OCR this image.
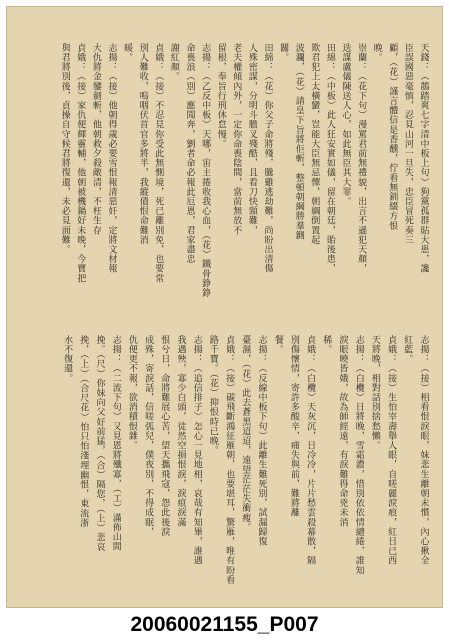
天錢：（鵲踏爽七字清中板上句）狗黨孤群貼大患，讒
臣誤國惡毫慎，忍見山河一旦失，忠臣冒死奏三
顧，（花）謹言體信是香醺，佇看無釧綴方恨
晚。
崇蘭：（花下句）漫罵君前無禮貌，出言不遜犯天顏，
迭謀盧儀陳送人心，如此無臣其大罪。
田綿：（中板）此人狂安實如儀，留在朝廷，貽後患，
欺君犯上太橫蠻，豈能大臣無忌憚，朝綱倒置起
波瀾，（花）請皇下旨將佢斬，整頓朝綱勝羣鍘
關。
田綿：（花）你父子命將殘，騰雞逃劫難，尚盼出清傷
人殊密謀，分明斗膽叉殘酷，且看刀快頸難，
老夫權傾內外，一定你命喪陰間，當前無放不
留根，奉旨行刑休怠慢。
志揚：（乙反中板）天哪，宙主捲收我心血，（花）鐵骨錚錚
命喪浪（別）應聞奔，劉者命必報此厄恩，君家盡忠
謝紅顏。
貞娥：（接）不忍見你受此無惻境，死已離別免，也要常
別人難收，嗚咽伏首官多將半，我縱債恨命難消
暖。
志揚：（接）他朝得歲必要雪恨報清惡奸，定將文材報
大仇將金鑾劍斬，他朝救夕殺敵清，不枉生存
貞娥：（接）家仇便輝靈輔，他朝被機鍋好未晚，今寶把
與君將別後，貞操自守候君將復還，未必見面難。
志揚：（接）相看恨淚眼，妹悲生離朝未慣，內心揪全
紅藍。
貞娥：（接）生怕宰壽舉人眼，自嗟麗淚痕，紅日已西
天將晚，相對話別捨愁懶。
志揚：（白欖）日將晚，雪霜濃，惜別依依情繾綣，誰知
淚眼曉皆娥，故為師經遠，有淚難得命兇未消
稀。
貞娥：（白欖）天灰沉，日冷冷，片片愁雲殺幕散，隔
別傷懷情，寄許多酸辛，痛失與前，難將離
餐。
志揚：（反線中板下句）此離生難死別，試漏歸復
臺濕，（花）此去蒼黑迢迢，遠望茫茫失衝瘦。
貞娥：（接）碳飛斷鴻征雁朝，也要堪耳，驚雁，唯有盼看
路千寶。（花）抑恨時已晚。
志揚：（追信排子）怎心一見地相，哀哉有知畢，誰遇
我遇殃，寡少白頭，徒然空損恨淚，淚痕淚滿
恨兮日，命將難展心苦，望天攜飛寇，怨此後淚
成殊，寄淚話，信嗟弧兒，僕夜別，不得成眠，
仇便更不報，欲消積恨雜。
志揚：（二流下句）又見恩將殲寡，（工）滿佈山間
挽。（尺）你妹向父好前猛，（合）隔您，（上）悲哀
挽，（上）（合尺花）怕只怕淺埋幽恨，東流浙
水不復還。
20060021155_P007
